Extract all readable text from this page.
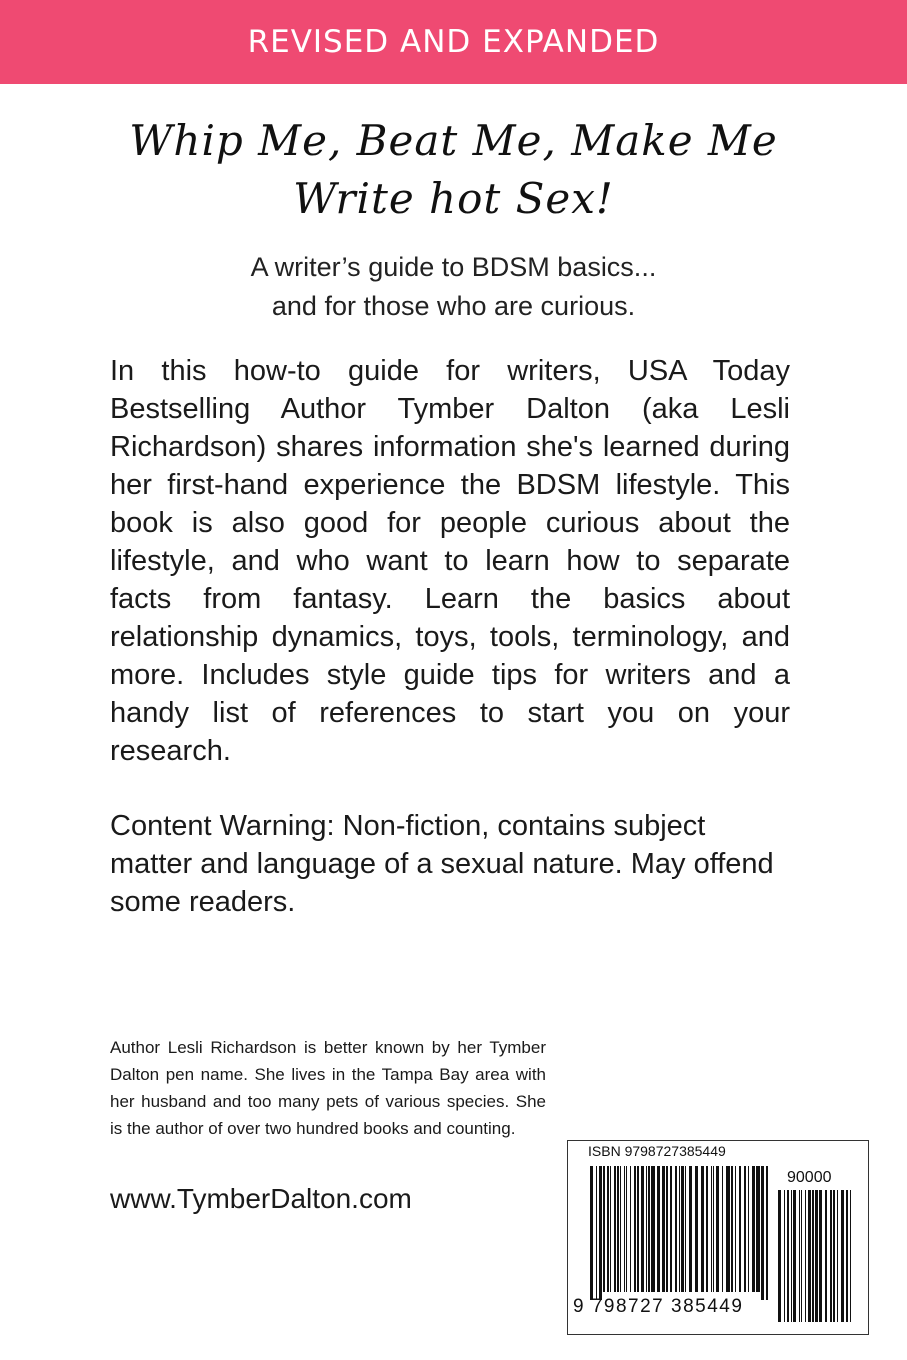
REVISED AND EXPANDED
Whip Me, Beat Me, Make Me
Write hot Sex!
A writer’s guide to BDSM basics...
and for those who are curious.

In this how-to guide for writers, USA Today Bestselling Author Tymber Dalton (aka Lesli Richardson) shares information she's learned during her first-hand experience the BDSM lifestyle. This book is also good for people curious about the lifestyle, and who want to learn how to separate facts from fantasy. Learn the basics about relationship dynamics, toys, tools, terminology, and more. Includes style guide tips for writers and a handy list of references to start you on your research.

Content Warning: Non-fiction, contains subject matter and language of a sexual nature. May offend some readers.

Author Lesli Richardson is better known by her Tymber Dalton pen name. She lives in the Tampa Bay area with her husband and too many pets of various species. She is the author of over two hundred books and counting.

www.TymberDalton.com
ISBN 9798727385449
90000
9 798727 385449
